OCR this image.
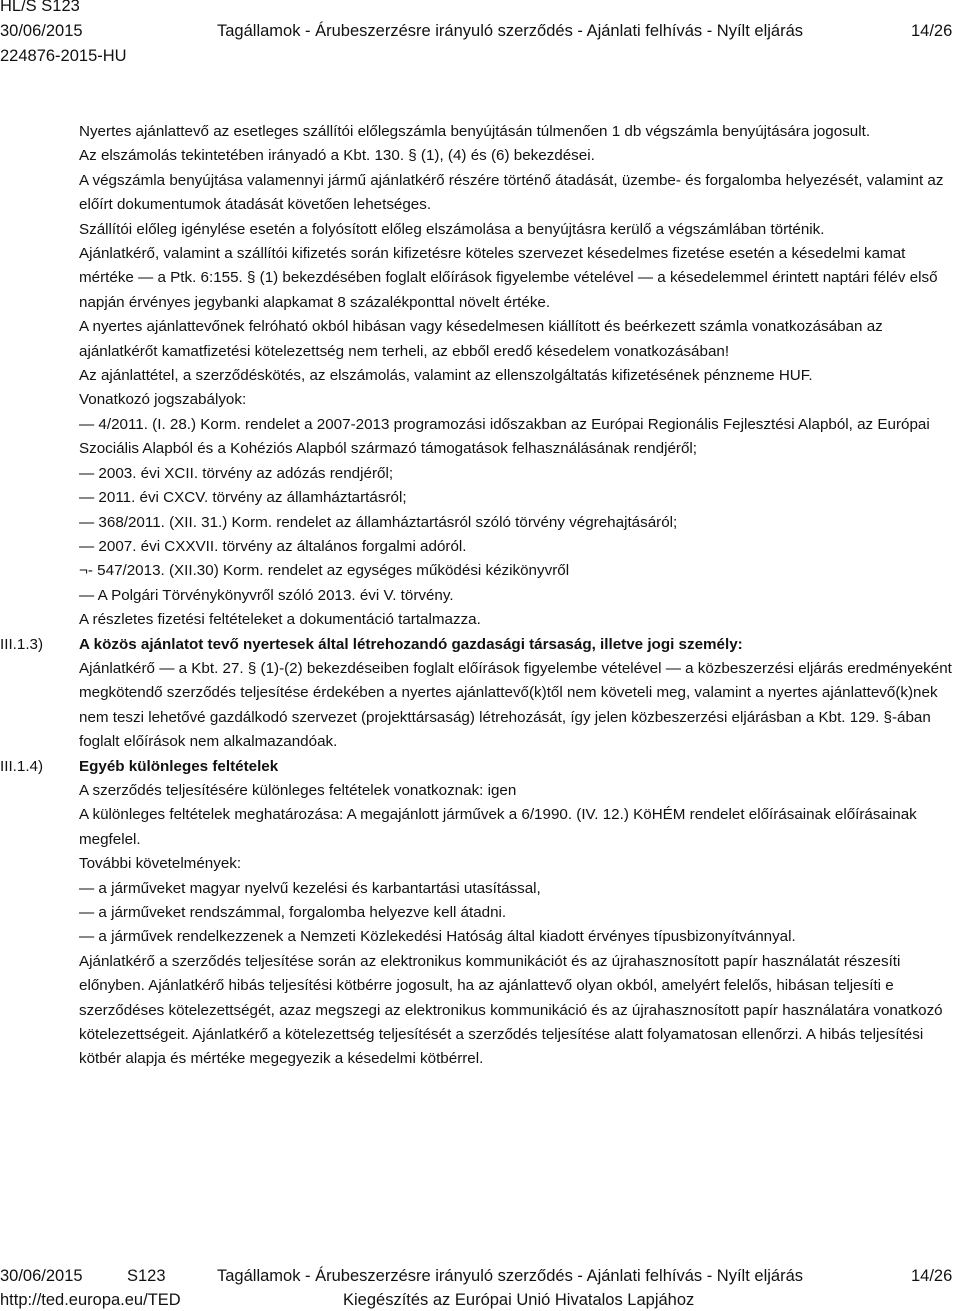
HL/S S123
30/06/2015	Tagállamok - Árubeszerzésre irányuló szerződés - Ajánlati felhívás - Nyílt eljárás	14/26
224876-2015-HU

Nyertes ajánlattevő az esetleges szállítói előlegszámla benyújtásán túlmenően 1 db végszámla benyújtására jogosult.

Az elszámolás tekintetében irányadó a Kbt. 130. § (1), (4) és (6) bekezdései.

A végszámla benyújtása valamennyi jármű ajánlatkérő részére történő átadását, üzembe- és forgalomba helyezését, valamint az előírt dokumentumok átadását követően lehetséges.

Szállítói előleg igénylése esetén a folyósított előleg elszámolása a benyújtásra kerülő a végszámlában történik.

Ajánlatkérő, valamint a szállítói kifizetés során kifizetésre köteles szervezet késedelmes fizetése esetén a késedelmi kamat mértéke — a Ptk. 6:155. § (1) bekezdésében foglalt előírások figyelembe vételével — a késedelemmel érintett naptári félév első napján érvényes jegybanki alapkamat 8 százalékponttal növelt értéke.

A nyertes ajánlattevőnek felróható okból hibásan vagy késedelmesen kiállított és beérkezett számla vonatkozásában az ajánlatkérőt kamatfizetési kötelezettség nem terheli, az ebből eredő késedelem vonatkozásában!

Az ajánlattétel, a szerződéskötés, az elszámolás, valamint az ellenszolgáltatás kifizetésének pénzneme HUF.

Vonatkozó jogszabályok:

— 4/2011. (I. 28.) Korm. rendelet a 2007-2013 programozási időszakban az Európai Regionális Fejlesztési Alapból, az Európai Szociális Alapból és a Kohéziós Alapból származó támogatások felhasználásának rendjéről;

— 2003. évi XCII. törvény az adózás rendjéről;

— 2011. évi CXCV. törvény az államháztartásról;

— 368/2011. (XII. 31.) Korm. rendelet az államháztartásról szóló törvény végrehajtásáról;

— 2007. évi CXXVII. törvény az általános forgalmi adóról.

¬- 547/2013. (XII.30) Korm. rendelet az egységes működési kézikönyvről

— A Polgári Törvénykönyvről szóló 2013. évi V. törvény.

A részletes fizetési feltételeket a dokumentáció tartalmazza.

III.1.3) A közös ajánlatot tevő nyertesek által létrehozandó gazdasági társaság, illetve jogi személy:

Ajánlatkérő — a Kbt. 27. § (1)-(2) bekezdéseiben foglalt előírások figyelembe vételével — a közbeszerzési eljárás eredményeként megkötendő szerződés teljesítése érdekében a nyertes ajánlattevő(k)től nem követeli meg, valamint a nyertes ajánlattevő(k)nek nem teszi lehetővé gazdálkodó szervezet (projekttársaság) létrehozását, így jelen közbeszerzési eljárásban a Kbt. 129. §-ában foglalt előírások nem alkalmazandóak.

III.1.4) Egyéb különleges feltételek

A szerződés teljesítésére különleges feltételek vonatkoznak: igen

A különleges feltételek meghatározása: A megajánlott járművek a 6/1990. (IV. 12.) KöHÉM rendelet előírásainak előírásainak megfelel.

További követelmények:

— a járműveket magyar nyelvű kezelési és karbantartási utasítással,

— a járműveket rendszámmal, forgalomba helyezve kell átadni.

— a járművek rendelkezzenek a Nemzeti Közlekedési Hatóság által kiadott érvényes típusbizonyítvánnyal.

Ajánlatkérő a szerződés teljesítése során az elektronikus kommunikációt és az újrahasznosított papír használatát részesíti előnyben. Ajánlatkérő hibás teljesítési kötbérre jogosult, ha az ajánlattevő olyan okból, amelyért felelős, hibásan teljesíti e szerződéses kötelezettségét, azaz megszegi az elektronikus kommunikáció és az újrahasznosított papír használatára vonatkozó kötelezettségeit. Ajánlatkérő a kötelezettség teljesítését a szerződés teljesítése alatt folyamatosan ellenőrzi. A hibás teljesítési kötbér alapja és mértéke megegyezik a késedelmi kötbérrel.

30/06/2015	S123	Tagállamok - Árubeszerzésre irányuló szerződés - Ajánlati felhívás - Nyílt eljárás	14/26
http://ted.europa.eu/TED	Kiegészítés az Európai Unió Hivatalos Lapjához
